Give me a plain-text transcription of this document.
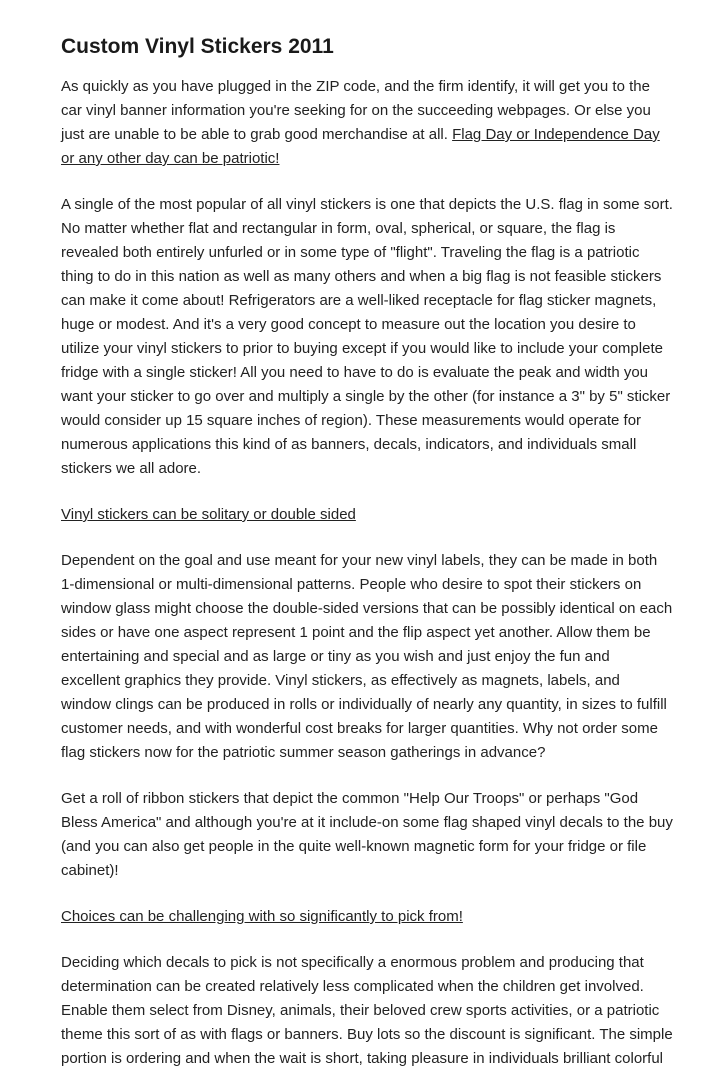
Custom Vinyl Stickers 2011

As quickly as you have plugged in the ZIP code, and the firm identify, it will get you to the car vinyl banner information you're seeking for on the succeeding webpages. Or else you just are unable to be able to grab good merchandise at all. Flag Day or Independence Day or any other day can be patriotic!

A single of the most popular of all vinyl stickers is one that depicts the U.S. flag in some sort. No matter whether flat and rectangular in form, oval, spherical, or square, the flag is revealed both entirely unfurled or in some type of "flight". Traveling the flag is a patriotic thing to do in this nation as well as many others and when a big flag is not feasible stickers can make it come about! Refrigerators are a well-liked receptacle for flag sticker magnets, huge or modest. And it's a very good concept to measure out the location you desire to utilize your vinyl stickers to prior to buying except if you would like to include your complete fridge with a single sticker! All you need to have to do is evaluate the peak and width you want your sticker to go over and multiply a single by the other (for instance a 3" by 5" sticker would consider up 15 square inches of region). These measurements would operate for numerous applications this kind of as banners, decals, indicators, and individuals small stickers we all adore.

Vinyl stickers can be solitary or double sided

Dependent on the goal and use meant for your new vinyl labels, they can be made in both 1-dimensional or multi-dimensional patterns. People who desire to spot their stickers on window glass might choose the double-sided versions that can be possibly identical on each sides or have one aspect represent 1 point and the flip aspect yet another. Allow them be entertaining and special and as large or tiny as you wish and just enjoy the fun and excellent graphics they provide. Vinyl stickers, as effectively as magnets, labels, and window clings can be produced in rolls or individually of nearly any quantity, in sizes to fulfill customer needs, and with wonderful cost breaks for larger quantities. Why not order some flag stickers now for the patriotic summer season gatherings in advance?

Get a roll of ribbon stickers that depict the common "Help Our Troops" or perhaps "God Bless America" and although you're at it include-on some flag shaped vinyl decals to the buy (and you can also get people in the quite well-known magnetic form for your fridge or file cabinet)!

Choices can be challenging with so significantly to pick from!

Deciding which decals to pick is not specifically a enormous problem and producing that determination can be created relatively less complicated when the children get involved. Enable them select from Disney, animals, their beloved crew sports activities, or a patriotic theme this sort of as with flags or banners. Buy lots so the discount is significant. The simple portion is ordering and when the wait is short, taking pleasure in individuals brilliant colorful
